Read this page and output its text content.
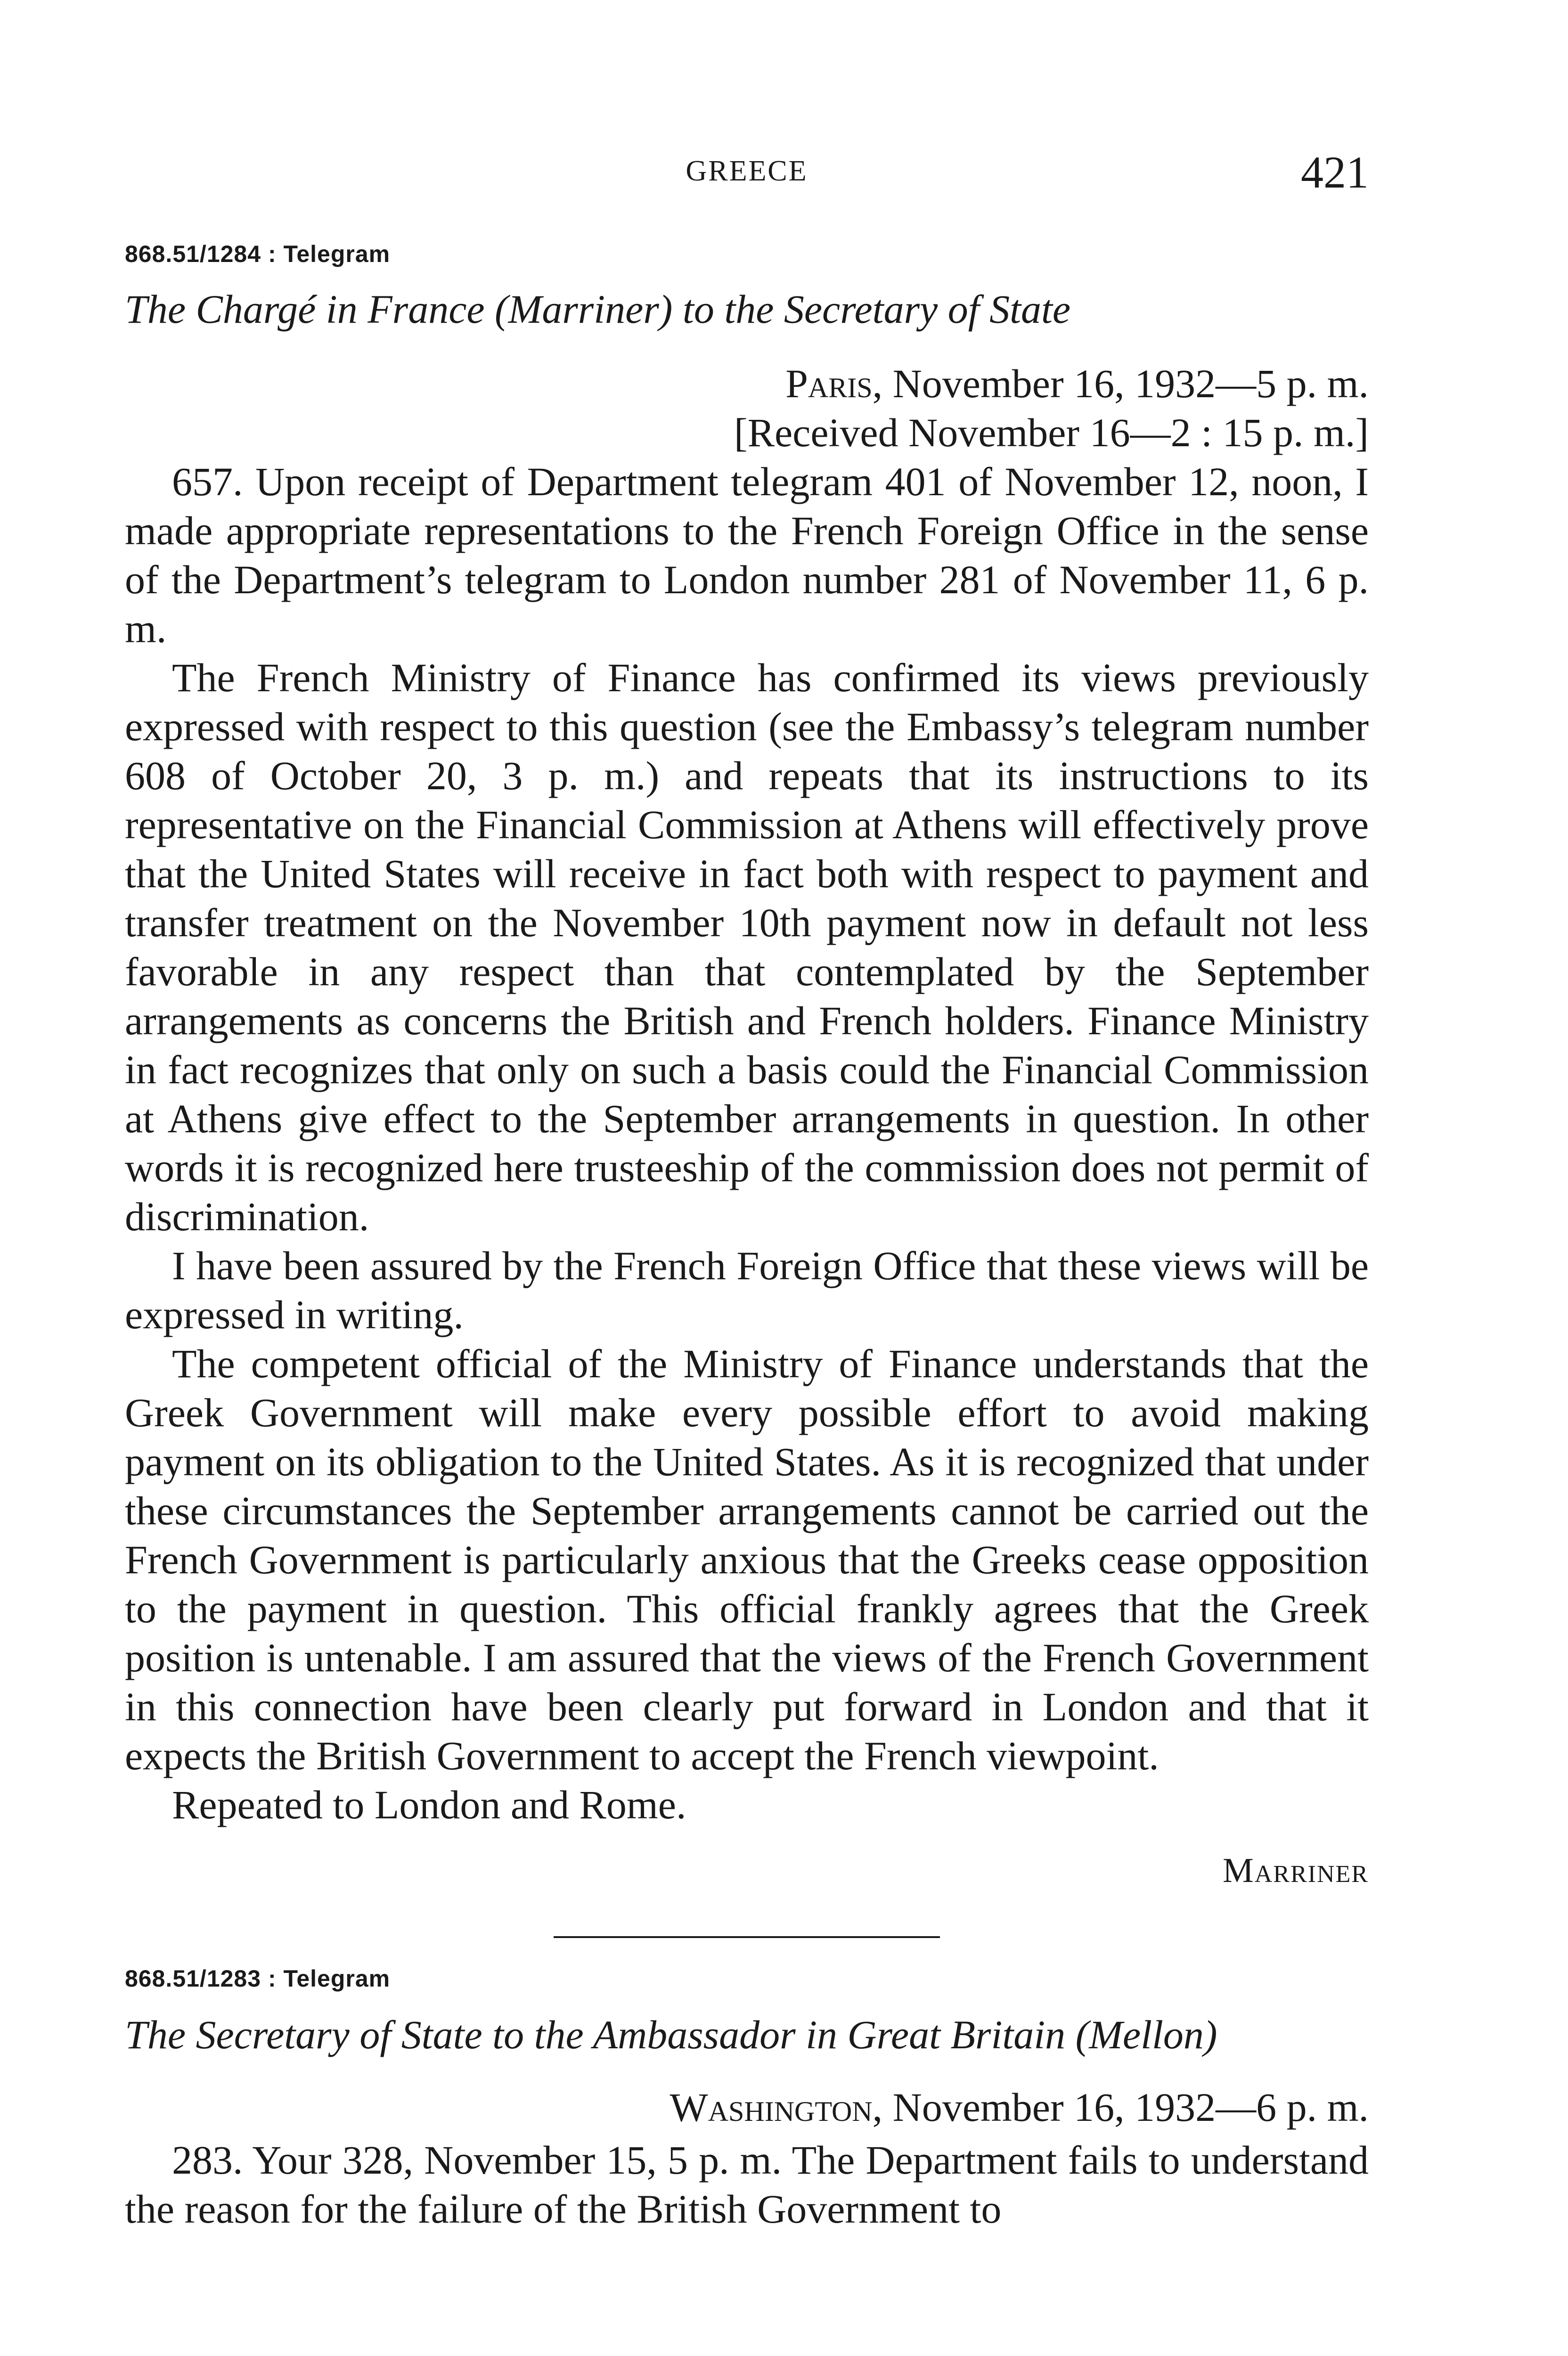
GREECE	421
868.51/1284 : Telegram
The Chargé in France (Marriner) to the Secretary of State
Paris, November 16, 1932—5 p. m.
[Received November 16—2 : 15 p. m.]

657. Upon receipt of Department telegram 401 of November 12, noon, I made appropriate representations to the French Foreign Office in the sense of the Department’s telegram to London number 281 of November 11, 6 p. m.

The French Ministry of Finance has confirmed its views previously expressed with respect to this question (see the Embassy’s telegram number 608 of October 20, 3 p. m.) and repeats that its instructions to its representative on the Financial Commission at Athens will effectively prove that the United States will receive in fact both with respect to payment and transfer treatment on the November 10th payment now in default not less favorable in any respect than that contemplated by the September arrangements as concerns the British and French holders. Finance Ministry in fact recognizes that only on such a basis could the Financial Commission at Athens give effect to the September arrangements in question. In other words it is recognized here trusteeship of the commission does not permit of discrimination.

I have been assured by the French Foreign Office that these views will be expressed in writing.

The competent official of the Ministry of Finance understands that the Greek Government will make every possible effort to avoid making payment on its obligation to the United States. As it is recognized that under these circumstances the September arrangements cannot be carried out the French Government is particularly anxious that the Greeks cease opposition to the payment in question. This official frankly agrees that the Greek position is untenable. I am assured that the views of the French Government in this connection have been clearly put forward in London and that it expects the British Government to accept the French viewpoint.

Repeated to London and Rome.

Marriner
868.51/1283 : Telegram
The Secretary of State to the Ambassador in Great Britain (Mellon)
Washington, November 16, 1932—6 p. m.

283. Your 328, November 15, 5 p. m. The Department fails to understand the reason for the failure of the British Government to
